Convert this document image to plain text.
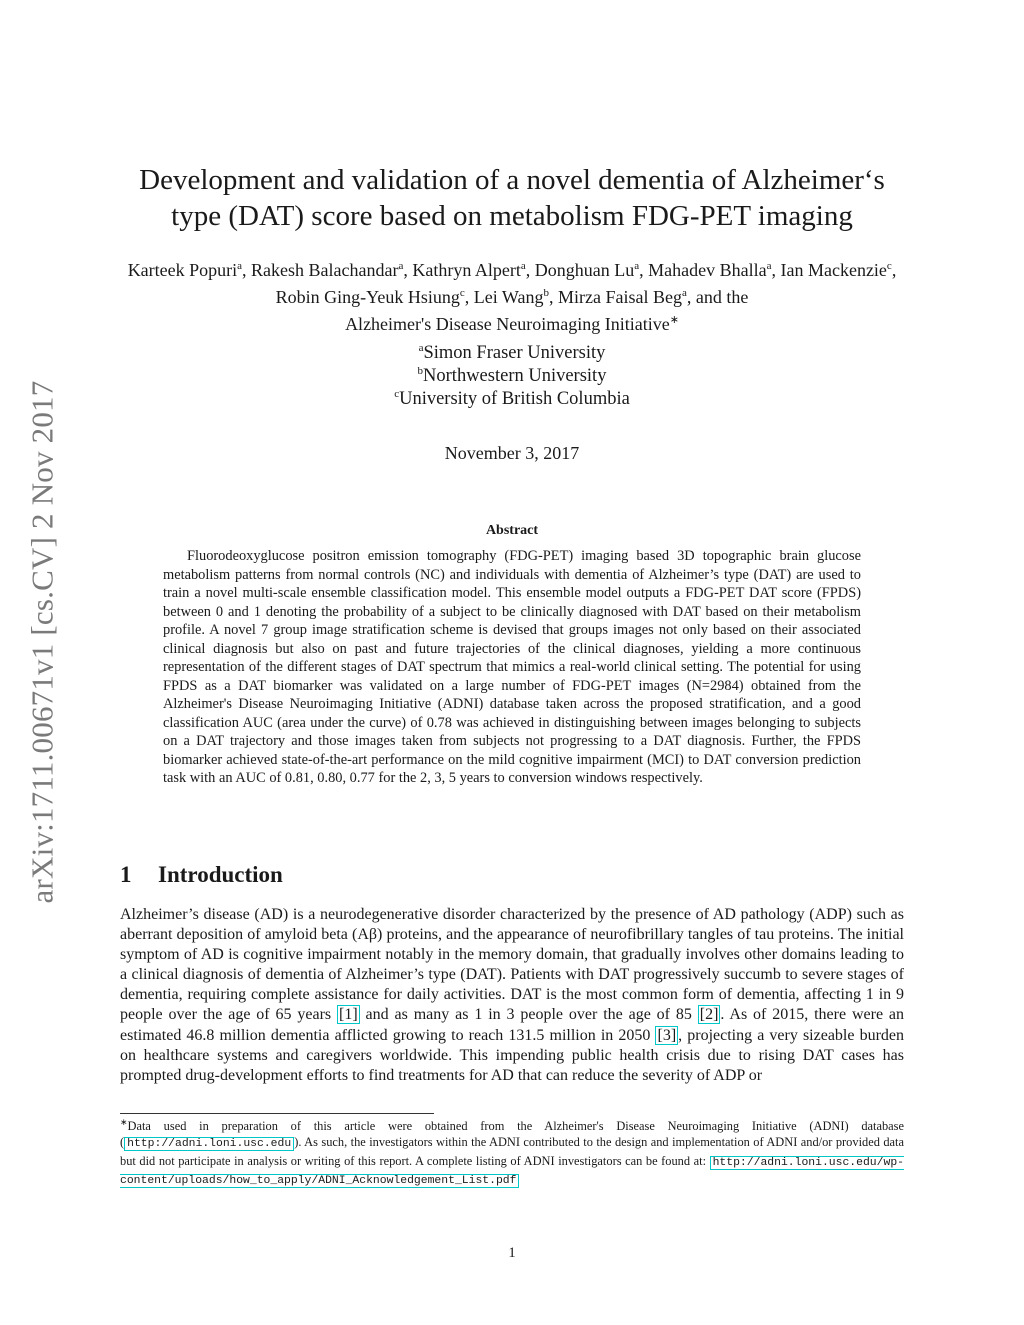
arXiv:1711.00671v1 [cs.CV] 2 Nov 2017
Development and validation of a novel dementia of Alzheimer‘s
type (DAT) score based on metabolism FDG-PET imaging
Karteek Popuri$^a$, Rakesh Balachandar$^a$, Kathryn Alpert$^a$, Donghuan Lu$^a$, Mahadev Bhalla$^a$, Ian Mackenzie$^c$, Robin Ging-Yeuk Hsiung$^c$, Lei Wang$^b$, Mirza Faisal Beg$^a$, and the
Alzheimer's Disease Neuroimaging Initiative∗
$^a$Simon Fraser University
$^b$Northwestern University
$^c$University of British Columbia
November 3, 2017
Abstract

Fluorodeoxyglucose positron emission tomography (FDG-PET) imaging based 3D topographic brain glucose metabolism patterns from normal controls (NC) and individuals with dementia of Alzheimer’s type (DAT) are used to train a novel multi-scale ensemble classification model. This ensemble model outputs a FDG-PET DAT score (FPDS) between 0 and 1 denoting the probability of a subject to be clinically diagnosed with DAT based on their metabolism profile. A novel 7 group image stratification scheme is devised that groups images not only based on their associated clinical diagnosis but also on past and future trajectories of the clinical diagnoses, yielding a more continuous representation of the different stages of DAT spectrum that mimics a real-world clinical setting. The potential for using FPDS as a DAT biomarker was validated on a large number of FDG-PET images (N=2984) obtained from the Alzheimer's Disease Neuroimaging Initiative (ADNI) database taken across the proposed stratification, and a good classification AUC (area under the curve) of 0.78 was achieved in distinguishing between images belonging to subjects on a DAT trajectory and those images taken from subjects not progressing to a DAT diagnosis. Further, the FPDS biomarker achieved state-of-the-art performance on the mild cognitive impairment (MCI) to DAT conversion prediction task with an AUC of 0.81, 0.80, 0.77 for the 2, 3, 5 years to conversion windows respectively.

1 Introduction

Alzheimer’s disease (AD) is a neurodegenerative disorder characterized by the presence of AD pathology (ADP) such as aberrant deposition of amyloid beta (Aβ) proteins, and the appearance of neurofibrillary tangles of tau proteins. The initial symptom of AD is cognitive impairment notably in the memory domain, that gradually involves other domains leading to a clinical diagnosis of dementia of Alzheimer’s type (DAT). Patients with DAT progressively succumb to severe stages of dementia, requiring complete assistance for daily activities. DAT is the most common form of dementia, affecting 1 in 9 people over the age of 65 years [1] and as many as 1 in 3 people over the age of 85 [2] . As of 2015, there were an estimated 46.8 million dementia afflicted growing to reach 131.5 million in 2050 [3] , projecting a very sizeable burden on healthcare systems and caregivers worldwide. This impending public health crisis due to rising DAT cases has prompted drug-development efforts to find treatments for AD that can reduce the severity of ADP or

∗Data used in preparation of this article were obtained from the Alzheimer's Disease Neuroimaging Initiative (ADNI) database ( http://adni.loni.usc.edu ). As such, the investigators within the ADNI contributed to the design and implementation of ADNI and/or provided data but did not participate in analysis or writing of this report. A complete listing of ADNI investigators can be found at: http://adni.loni.usc.edu/wp-content/uploads/how_to_apply/ADNI_Acknowledgement_List.pdf

1
